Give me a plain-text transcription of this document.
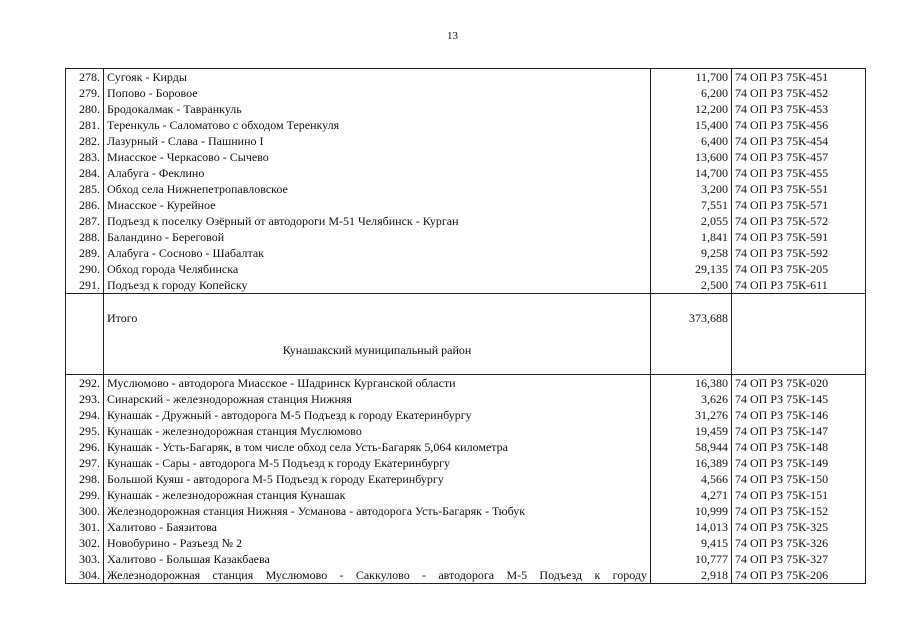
13
278.	Сугояк - Кирды	11,700	74 ОП РЗ 75К-451
279.	Попово - Боровое	6,200	74 ОП РЗ 75К-452
280.	Бродокалмак - Тавранкуль	12,200	74 ОП РЗ 75К-453
281.	Теренкуль - Саломатово с обходом Теренкуля	15,400	74 ОП РЗ 75К-456
282.	Лазурный - Слава - Пашнино I	6,400	74 ОП РЗ 75К-454
283.	Миасское - Черкасово - Сычево	13,600	74 ОП РЗ 75К-457
284.	Алабуга - Феклино	14,700	74 ОП РЗ 75К-455
285.	Обход села Нижнепетропавловское	3,200	74 ОП РЗ 75К-551
286.	Миасское - Курейное	7,551	74 ОП РЗ 75К-571
287.	Подъезд к поселку Озёрный от автодороги М-51 Челябинск - Курган	2,055	74 ОП РЗ 75К-572
288.	Баландино - Береговой	1,841	74 ОП РЗ 75К-591
289.	Алабуга - Сосново - Шабалтак	9,258	74 ОП РЗ 75К-592
290.	Обход города Челябинска	29,135	74 ОП РЗ 75К-205
291.	Подъезд к городу Копейску	2,500	74 ОП РЗ 75К-611

	Итого	373,688	

	Кунашакский муниципальный район		

292.	Муслюмово - автодорога Миасское - Шадринск Курганской области	16,380	74 ОП РЗ 75К-020
293.	Синарский - железнодорожная станция Нижняя	3,626	74 ОП РЗ 75К-145
294.	Кунашак - Дружный - автодорога М-5 Подъезд к городу Екатеринбургу	31,276	74 ОП РЗ 75К-146
295.	Кунашак - железнодорожная станция Муслюмово	19,459	74 ОП РЗ 75К-147
296.	Кунашак - Усть-Багаряк, в том числе обход села Усть-Багаряк 5,064 километра	58,944	74 ОП РЗ 75К-148
297.	Кунашак - Сары - автодорога М-5 Подъезд к городу Екатеринбургу	16,389	74 ОП РЗ 75К-149
298.	Большой Куяш - автодорога М-5 Подъезд к городу Екатеринбургу	4,566	74 ОП РЗ 75К-150
299.	Кунашак - железнодорожная станция Кунашак	4,271	74 ОП РЗ 75К-151
300.	Железнодорожная станция Нижняя - Усманова - автодорога Усть-Багаряк - Тюбук	10,999	74 ОП РЗ 75К-152
301.	Халитово - Баязитова	14,013	74 ОП РЗ 75К-325
302.	Новобурино - Разъезд № 2	9,415	74 ОП РЗ 75К-326
303.	Халитово - Большая Казакбаева	10,777	74 ОП РЗ 75К-327
304.	Железнодорожная станция Муслюмово - Саккулово - автодорога М-5 Подъезд к городу	2,918	74 ОП РЗ 75К-206
